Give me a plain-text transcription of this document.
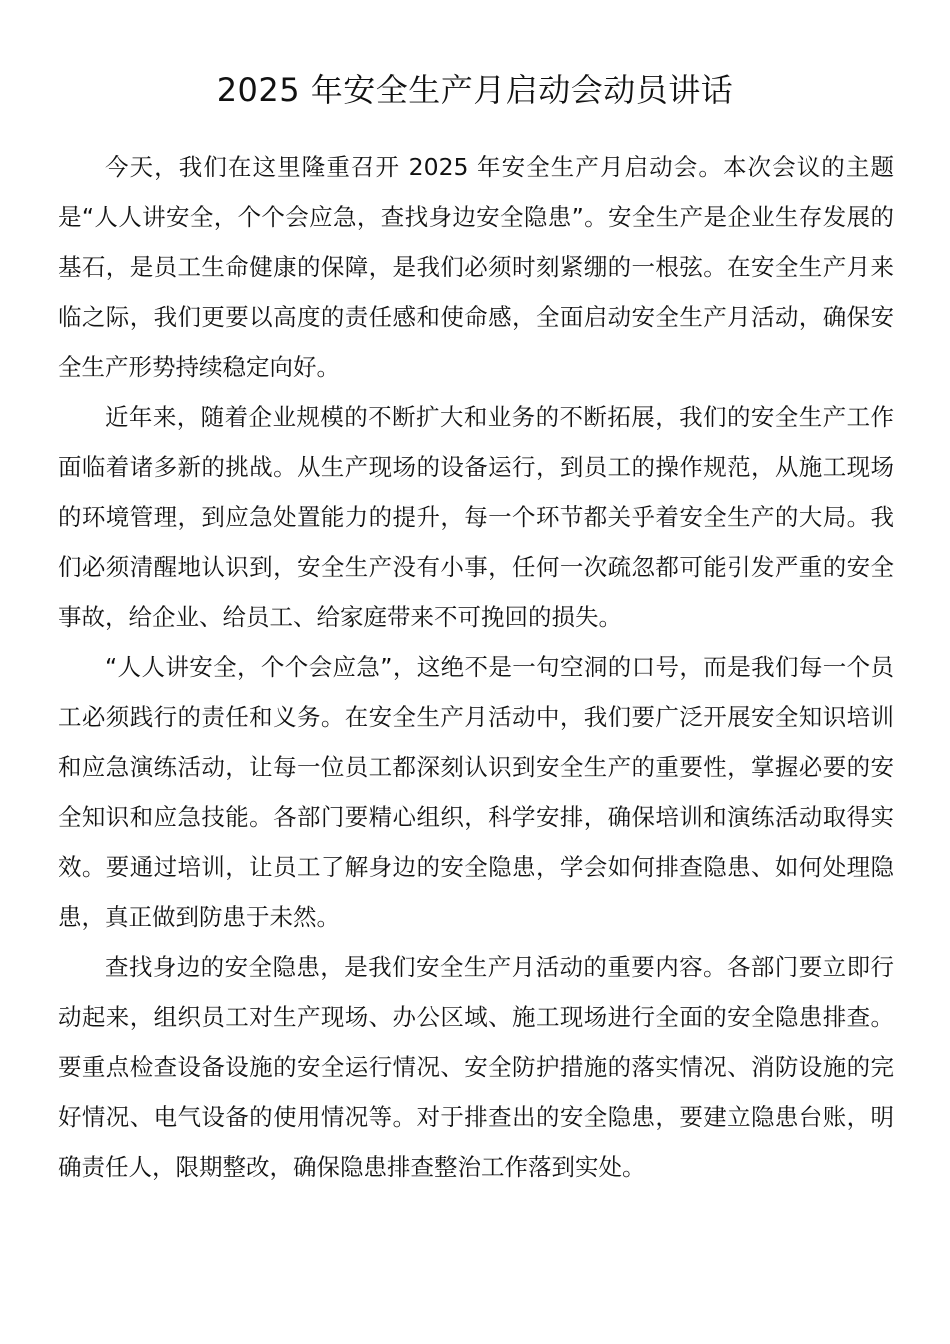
2025 年安全生产月启动会动员讲话

今天，我们在这里隆重召开 2025 年安全生产月启动会。本次会议的主题是“人人讲安全，个个会应急，查找身边安全隐患”。安全生产是企业生存发展的基石，是员工生命健康的保障，是我们必须时刻紧绷的一根弦。在安全生产月来临之际，我们更要以高度的责任感和使命感，全面启动安全生产月活动，确保安全生产形势持续稳定向好。

近年来，随着企业规模的不断扩大和业务的不断拓展，我们的安全生产工作面临着诸多新的挑战。从生产现场的设备运行，到员工的操作规范，从施工现场的环境管理，到应急处置能力的提升，每一个环节都关乎着安全生产的大局。我们必须清醒地认识到，安全生产没有小事，任何一次疏忽都可能引发严重的安全事故，给企业、给员工、给家庭带来不可挽回的损失。

“人人讲安全，个个会应急”，这绝不是一句空洞的口号，而是我们每一个员工必须践行的责任和义务。在安全生产月活动中，我们要广泛开展安全知识培训和应急演练活动，让每一位员工都深刻认识到安全生产的重要性，掌握必要的安全知识和应急技能。各部门要精心组织，科学安排，确保培训和演练活动取得实效。要通过培训，让员工了解身边的安全隐患，学会如何排查隐患、如何处理隐患，真正做到防患于未然。

查找身边的安全隐患，是我们安全生产月活动的重要内容。各部门要立即行动起来，组织员工对生产现场、办公区域、施工现场进行全面的安全隐患排查。要重点检查设备设施的安全运行情况、安全防护措施的落实情况、消防设施的完好情况、电气设备的使用情况等。对于排查出的安全隐患，要建立隐患台账，明确责任人，限期整改，确保隐患排查整治工作落到实处。
